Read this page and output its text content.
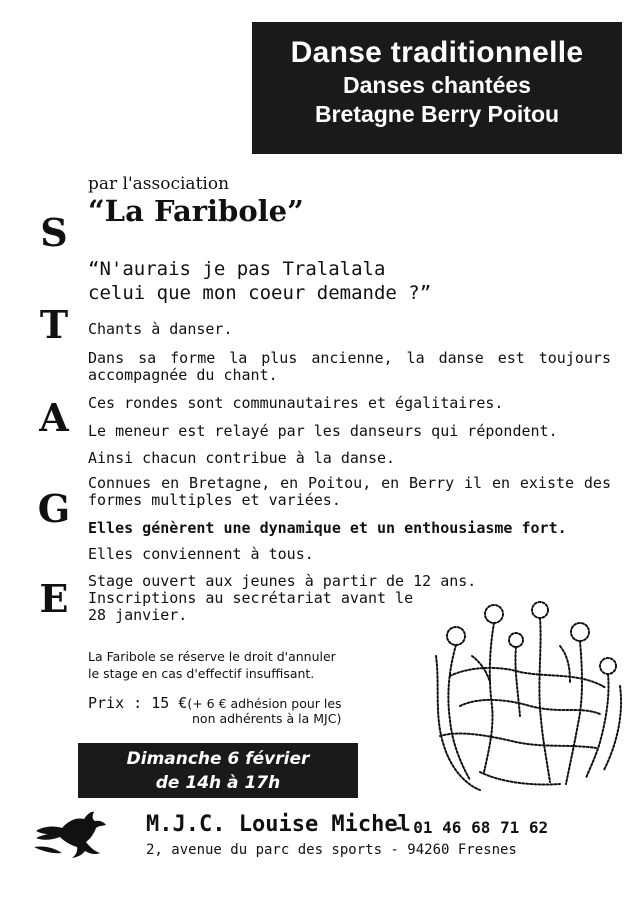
Danse traditionnelle
Danses chantées
Bretagne Berry Poitou
S
T
A
G
E
par l'association
“La Faribole”
“N'aurais je pas Tralalala
celui que mon coeur demande ?”
Chants à danser.
Dans sa forme la plus ancienne, la danse est toujours accompagnée du chant.
Ces rondes sont communautaires et égalitaires.
Le meneur est relayé par les danseurs qui répondent.
Ainsi chacun contribue à la danse.
Connues en Bretagne, en Poitou, en Berry il en existe des formes multiples et variées.
Elles génèrent une dynamique et un enthousiasme fort.
Elles conviennent à tous.
Stage ouvert aux jeunes à partir de 12 ans.
Inscriptions au secrétariat avant le
28 janvier.
La Faribole se réserve le droit d'annuler
le stage en cas d'effectif insuffisant.
Prix : 15 €(+ 6 € adhésion pour les
non adhérents à la MJC)
Dimanche 6 février
de 14h à 17h
M.J.C. Louise Michel
- 01 46 68 71 62
2, avenue du parc des sports - 94260 Fresnes
